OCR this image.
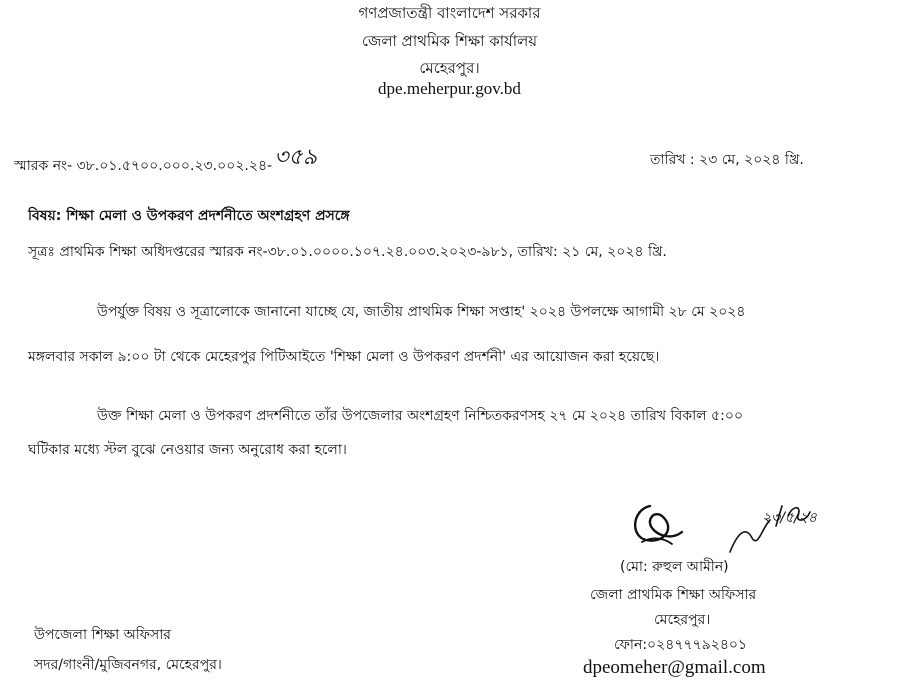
গণপ্রজাতন্ত্রী বাংলাদেশ সরকার
জেলা প্রাথমিক শিক্ষা কার্যালয়
মেহেরপুর।
dpe.meherpur.gov.bd
স্মারক নং- ৩৮.০১.৫৭০০.০০০.২৩.০০২.২৪-৩৫৯	তারিখ : ২৩ মে, ২০২৪ খ্রি.
বিষয়: শিক্ষা মেলা ও উপকরণ প্রদর্শনীতে অংশগ্রহণ প্রসঙ্গে
সূত্রঃ প্রাথমিক শিক্ষা অধিদপ্তরের স্মারক নং-৩৮.০১.০০০০.১০৭.২৪.০০৩.২০২৩-৯৮১, তারিখ: ২১ মে, ২০২৪ খ্রি.
উপর্যুক্ত বিষয় ও সূত্রালোকে জানানো যাচ্ছে যে, জাতীয় প্রাথমিক শিক্ষা সপ্তাহ' ২০২৪ উপলক্ষে আগামী ২৮ মে ২০২৪
মঙ্গলবার সকাল ৯:০০ টা থেকে মেহেরপুর পিটিআইতে 'শিক্ষা মেলা ও উপকরণ প্রদর্শনী' এর আয়োজন করা হয়েছে।
উক্ত শিক্ষা মেলা ও উপকরণ প্রদর্শনীতে তাঁর উপজেলার অংশগ্রহণ নিশ্চিতকরণসহ ২৭ মে ২০২৪ তারিখ বিকাল ৫:০০
ঘটিকার মধ্যে স্টল বুঝে নেওয়ার জন্য অনুরোধ করা হলো।
২৩/৫/২৪
(মো: রুহুল আমীন)
জেলা প্রাথমিক শিক্ষা অফিসার
মেহেরপুর।
ফোন:০২৪৭৭৭৯২৪০১
dpeomeher@gmail.com
উপজেলা শিক্ষা অফিসার
সদর/গাংনী/মুজিবনগর, মেহেরপুর।
